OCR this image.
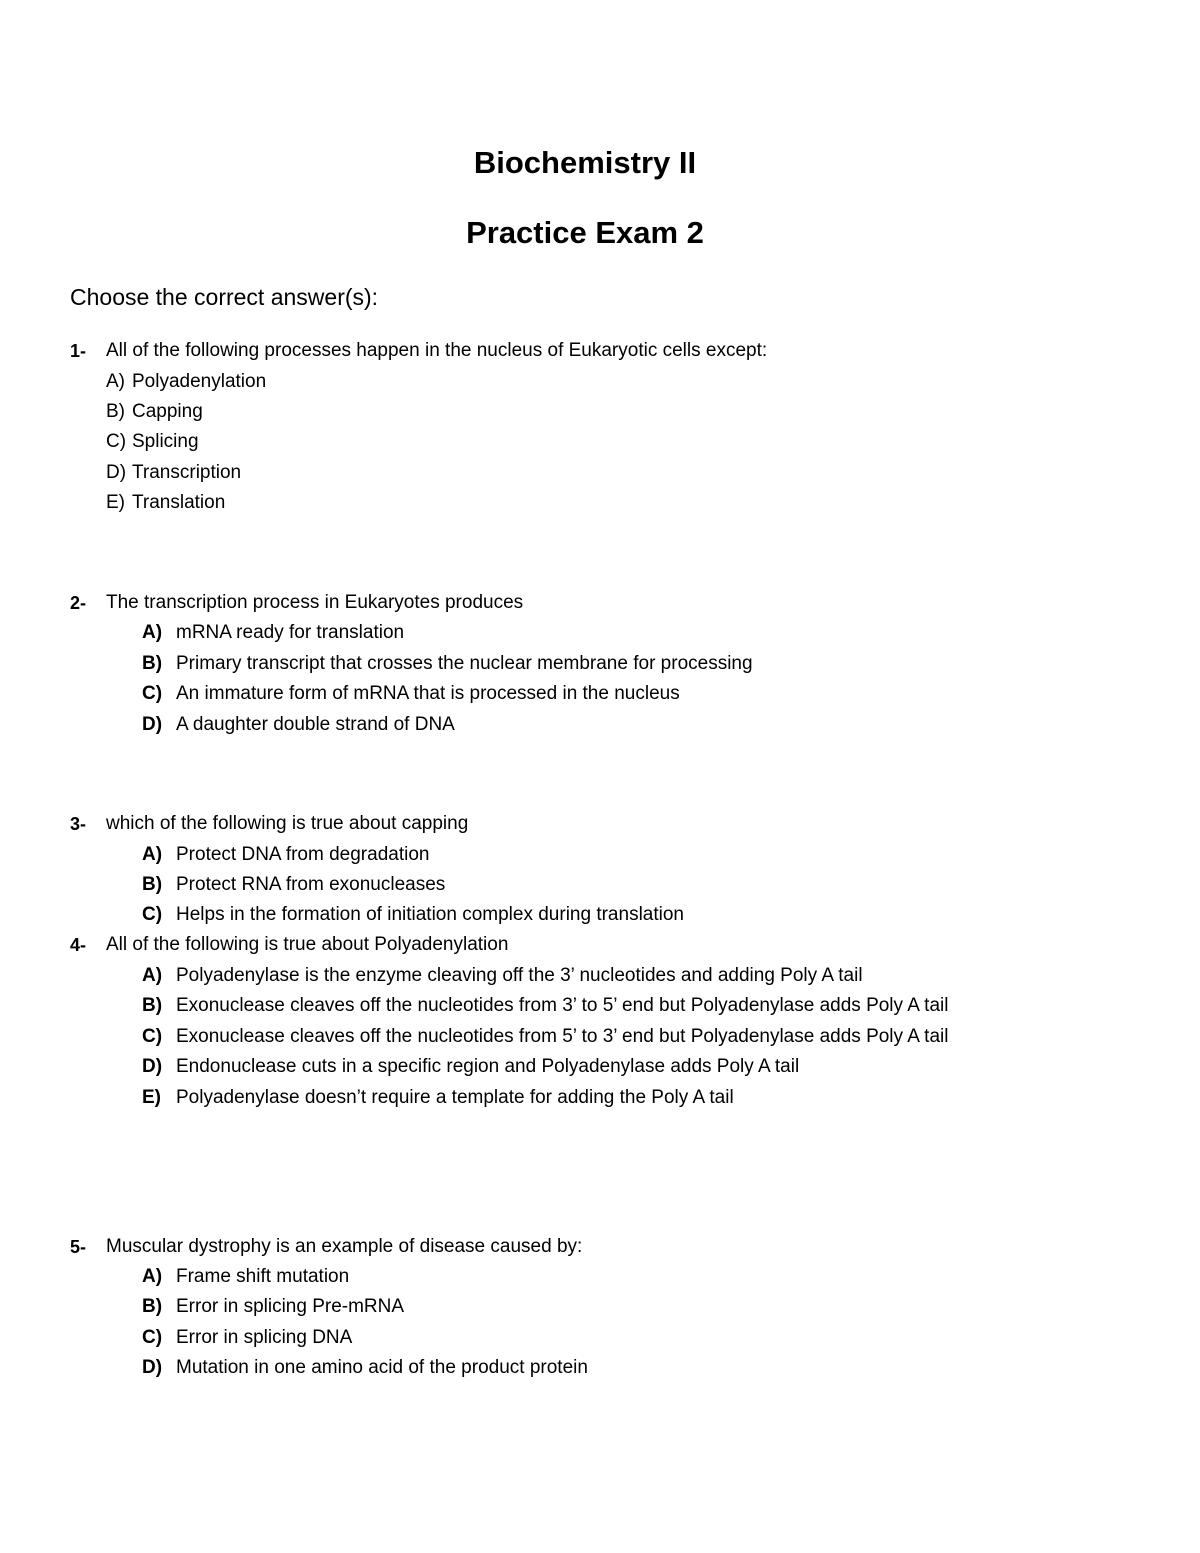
Biochemistry II
Practice Exam 2
Choose the correct answer(s):
1- All of the following processes happen in the nucleus of Eukaryotic cells except:
A) Polyadenylation
B) Capping
C) Splicing
D) Transcription
E) Translation
2- The transcription process in Eukaryotes produces
A) mRNA ready for translation
B) Primary transcript that crosses the nuclear membrane for processing
C) An immature form of mRNA that is processed in the nucleus
D) A daughter double strand of DNA
3- which of the following is true about capping
A) Protect DNA from degradation
B) Protect RNA from exonucleases
C) Helps in the formation of initiation complex during translation
4- All of the following is true about Polyadenylation
A) Polyadenylase is the enzyme cleaving off the 3’ nucleotides and adding Poly A tail
B) Exonuclease cleaves off the nucleotides from 3’ to 5’ end but Polyadenylase adds Poly A tail
C) Exonuclease cleaves off the nucleotides from 5’ to 3’ end but Polyadenylase adds Poly A tail
D) Endonuclease cuts in a specific region and Polyadenylase adds Poly A tail
E) Polyadenylase doesn’t require a template for adding the Poly A tail
5- Muscular dystrophy is an example of disease caused by:
A) Frame shift mutation
B) Error in splicing Pre-mRNA
C) Error in splicing DNA
D) Mutation in one amino acid of the product protein
